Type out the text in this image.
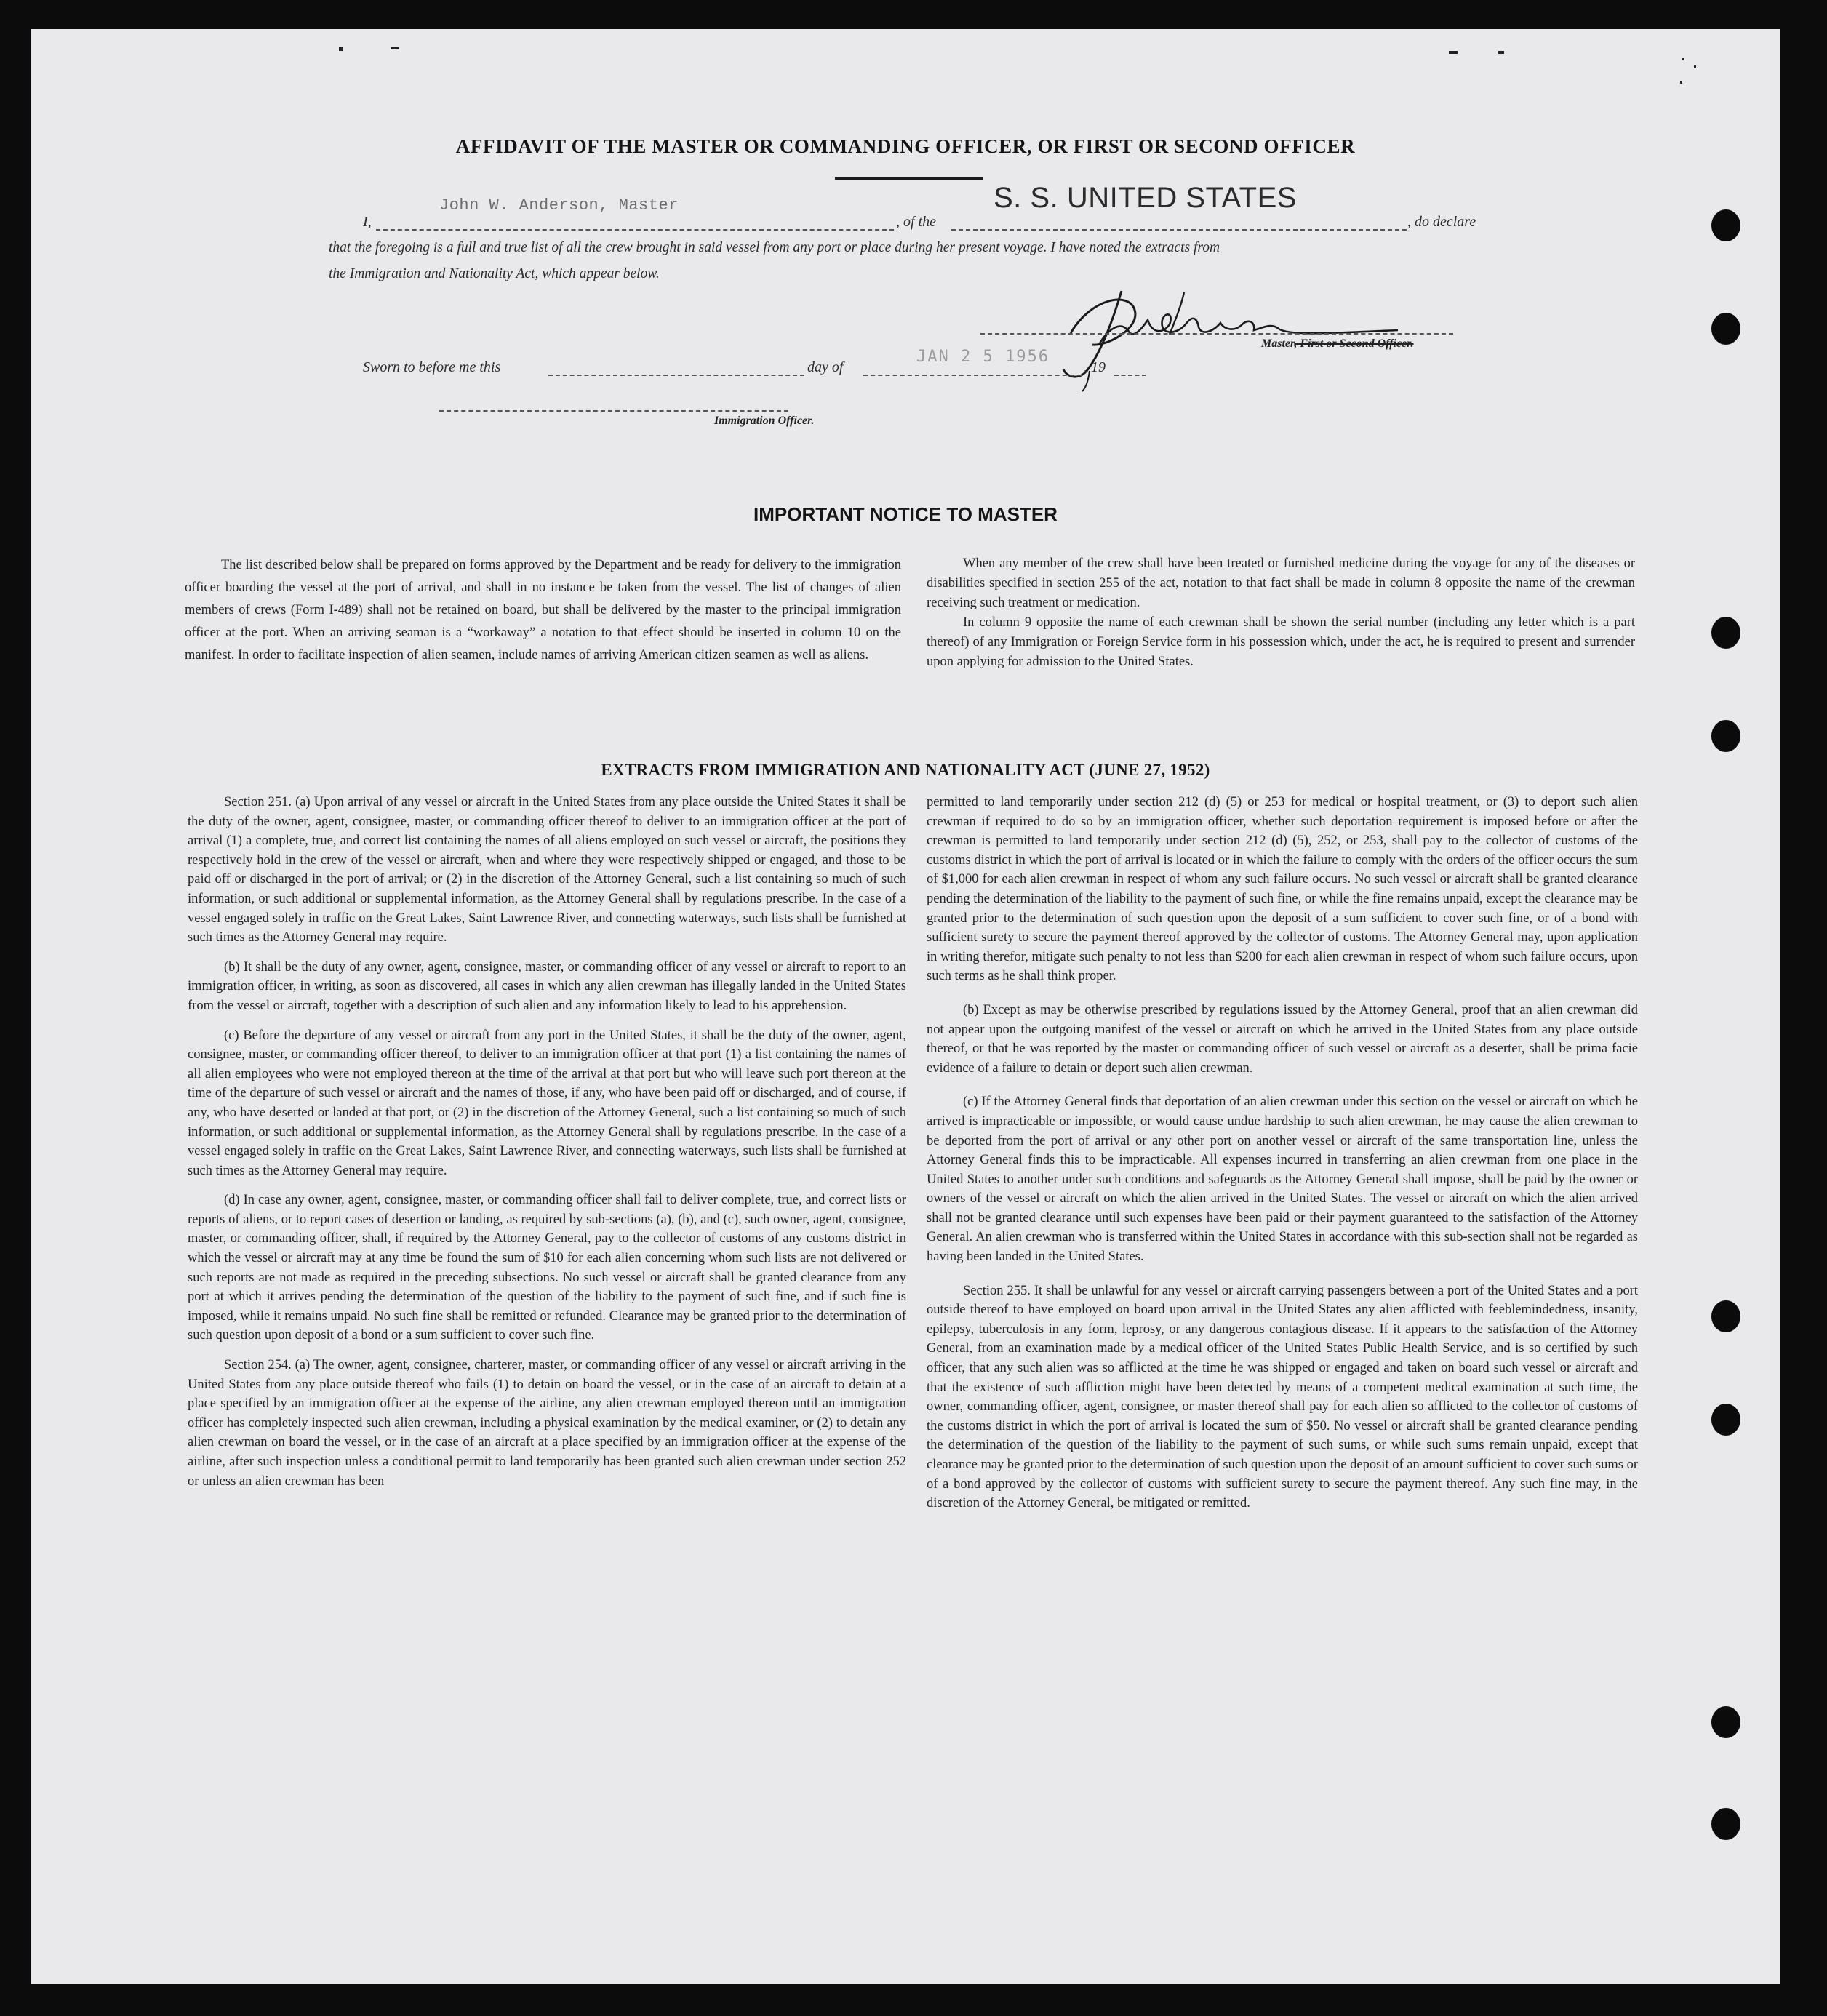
AFFIDAVIT OF THE MASTER OR COMMANDING OFFICER, OR FIRST OR SECOND OFFICER
I,
John W. Anderson, Master
, of the
S. S. UNITED STATES
, do declare
that the foregoing is a full and true list of all the crew brought in said vessel from any port or place during her present voyage. I have noted the extracts from
the Immigration and Nationality Act, which appear below.
Master, First or Second Officer.
Sworn to before me this	day of
JAN 2 5 1956
, 19
Immigration Officer.
IMPORTANT NOTICE TO MASTER

The list described below shall be prepared on forms approved by the Department and be ready for delivery to the immigration officer boarding the vessel at the port of arrival, and shall in no instance be taken from the vessel. The list of changes of alien members of crews (Form I-489) shall not be retained on board, but shall be delivered by the master to the principal immigration officer at the port. When an arriving seaman is a “workaway” a notation to that effect should be inserted in column 10 on the manifest. In order to facilitate inspection of alien seamen, include names of arriving American citizen seamen as well as aliens.

When any member of the crew shall have been treated or furnished medicine during the voyage for any of the diseases or disabilities specified in section 255 of the act, notation to that fact shall be made in column 8 opposite the name of the crewman receiving such treatment or medication.

In column 9 opposite the name of each crewman shall be shown the serial number (including any letter which is a part thereof) of any Immigration or Foreign Service form in his possession which, under the act, he is required to present and surrender upon applying for admission to the United States.

EXTRACTS FROM IMMIGRATION AND NATIONALITY ACT (JUNE 27, 1952)

Section 251. (a) Upon arrival of any vessel or aircraft in the United States from any place outside the United States it shall be the duty of the owner, agent, consignee, master, or commanding officer thereof to deliver to an immigration officer at the port of arrival (1) a complete, true, and correct list containing the names of all aliens employed on such vessel or aircraft, the positions they respectively hold in the crew of the vessel or aircraft, when and where they were respectively shipped or engaged, and those to be paid off or discharged in the port of arrival; or (2) in the discretion of the Attorney General, such a list containing so much of such information, or such additional or supplemental information, as the Attorney General shall by regulations prescribe. In the case of a vessel engaged solely in traffic on the Great Lakes, Saint Lawrence River, and connecting waterways, such lists shall be furnished at such times as the Attorney General may require.

(b) It shall be the duty of any owner, agent, consignee, master, or commanding officer of any vessel or aircraft to report to an immigration officer, in writing, as soon as discovered, all cases in which any alien crewman has illegally landed in the United States from the vessel or aircraft, together with a description of such alien and any information likely to lead to his apprehension.

(c) Before the departure of any vessel or aircraft from any port in the United States, it shall be the duty of the owner, agent, consignee, master, or commanding officer thereof, to deliver to an immigration officer at that port (1) a list containing the names of all alien employees who were not employed thereon at the time of the arrival at that port but who will leave such port thereon at the time of the departure of such vessel or aircraft and the names of those, if any, who have been paid off or discharged, and of course, if any, who have deserted or landed at that port, or (2) in the discretion of the Attorney General, such a list containing so much of such information, or such additional or supplemental information, as the Attorney General shall by regulations prescribe. In the case of a vessel engaged solely in traffic on the Great Lakes, Saint Lawrence River, and connecting waterways, such lists shall be furnished at such times as the Attorney General may require.

(d) In case any owner, agent, consignee, master, or commanding officer shall fail to deliver complete, true, and correct lists or reports of aliens, or to report cases of desertion or landing, as required by sub-sections (a), (b), and (c), such owner, agent, consignee, master, or commanding officer, shall, if required by the Attorney General, pay to the collector of customs of any customs district in which the vessel or aircraft may at any time be found the sum of $10 for each alien concerning whom such lists are not delivered or such reports are not made as required in the preceding subsections. No such vessel or aircraft shall be granted clearance from any port at which it arrives pending the determination of the question of the liability to the payment of such fine, and if such fine is imposed, while it remains unpaid. No such fine shall be remitted or refunded. Clearance may be granted prior to the determination of such question upon deposit of a bond or a sum sufficient to cover such fine.

Section 254. (a) The owner, agent, consignee, charterer, master, or commanding officer of any vessel or aircraft arriving in the United States from any place outside thereof who fails (1) to detain on board the vessel, or in the case of an aircraft to detain at a place specified by an immigration officer at the expense of the airline, any alien crewman employed thereon until an immigration officer has completely inspected such alien crewman, including a physical examination by the medical examiner, or (2) to detain any alien crewman on board the vessel, or in the case of an aircraft at a place specified by an immigration officer at the expense of the airline, after such inspection unless a conditional permit to land temporarily has been granted such alien crewman under section 252 or unless an alien crewman has been

permitted to land temporarily under section 212 (d) (5) or 253 for medical or hospital treatment, or (3) to deport such alien crewman if required to do so by an immigration officer, whether such deportation requirement is imposed before or after the crewman is permitted to land temporarily under section 212 (d) (5), 252, or 253, shall pay to the collector of customs of the customs district in which the port of arrival is located or in which the failure to comply with the orders of the officer occurs the sum of $1,000 for each alien crewman in respect of whom any such failure occurs. No such vessel or aircraft shall be granted clearance pending the determination of the liability to the payment of such fine, or while the fine remains unpaid, except the clearance may be granted prior to the determination of such question upon the deposit of a sum sufficient to cover such fine, or of a bond with sufficient surety to secure the payment thereof approved by the collector of customs. The Attorney General may, upon application in writing therefor, mitigate such penalty to not less than $200 for each alien crewman in respect of whom such failure occurs, upon such terms as he shall think proper.

(b) Except as may be otherwise prescribed by regulations issued by the Attorney General, proof that an alien crewman did not appear upon the outgoing manifest of the vessel or aircraft on which he arrived in the United States from any place outside thereof, or that he was reported by the master or commanding officer of such vessel or aircraft as a deserter, shall be prima facie evidence of a failure to detain or deport such alien crewman.

(c) If the Attorney General finds that deportation of an alien crewman under this section on the vessel or aircraft on which he arrived is impracticable or impossible, or would cause undue hardship to such alien crewman, he may cause the alien crewman to be deported from the port of arrival or any other port on another vessel or aircraft of the same transportation line, unless the Attorney General finds this to be impracticable. All expenses incurred in transferring an alien crewman from one place in the United States to another under such conditions and safeguards as the Attorney General shall impose, shall be paid by the owner or owners of the vessel or aircraft on which the alien arrived in the United States. The vessel or aircraft on which the alien arrived shall not be granted clearance until such expenses have been paid or their payment guaranteed to the satisfaction of the Attorney General. An alien crewman who is transferred within the United States in accordance with this sub-section shall not be regarded as having been landed in the United States.

Section 255. It shall be unlawful for any vessel or aircraft carrying passengers between a port of the United States and a port outside thereof to have employed on board upon arrival in the United States any alien afflicted with feeblemindedness, insanity, epilepsy, tuberculosis in any form, leprosy, or any dangerous contagious disease. If it appears to the satisfaction of the Attorney General, from an examination made by a medical officer of the United States Public Health Service, and is so certified by such officer, that any such alien was so afflicted at the time he was shipped or engaged and taken on board such vessel or aircraft and that the existence of such affliction might have been detected by means of a competent medical examination at such time, the owner, commanding officer, agent, consignee, or master thereof shall pay for each alien so afflicted to the collector of customs of the customs district in which the port of arrival is located the sum of $50. No vessel or aircraft shall be granted clearance pending the determination of the question of the liability to the payment of such sums, or while such sums remain unpaid, except that clearance may be granted prior to the determination of such question upon the deposit of an amount sufficient to cover such sums or of a bond approved by the collector of customs with sufficient surety to secure the payment thereof. Any such fine may, in the discretion of the Attorney General, be mitigated or remitted.
